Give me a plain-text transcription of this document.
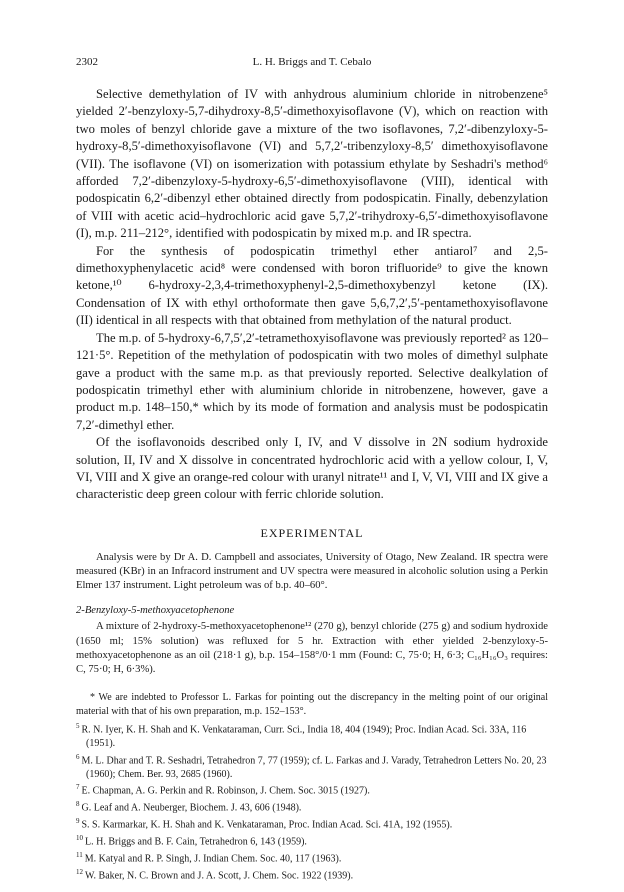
2302	L. H. Briggs and T. Cebalo

Selective demethylation of IV with anhydrous aluminium chloride in nitrobenzene⁵ yielded 2′-benzyloxy-5,7-dihydroxy-8,5′-dimethoxyisoflavone (V), which on reaction with two moles of benzyl chloride gave a mixture of the two isoflavones, 7,2′-dibenzyloxy-5-hydroxy-8,5′-dimethoxyisoflavone (VI) and 5,7,2′-tribenzyloxy-8,5′ dimethoxyisoflavone (VII). The isoflavone (VI) on isomerization with potassium ethylate by Seshadri's method⁶ afforded 7,2′-dibenzyloxy-5-hydroxy-6,5′-dimethoxyisoflavone (VIII), identical with podospicatin 6,2′-dibenzyl ether obtained directly from podospicatin. Finally, debenzylation of VIII with acetic acid–hydrochloric acid gave 5,7,2′-trihydroxy-6,5′-dimethoxyisoflavone (I), m.p. 211–212°, identified with podospicatin by mixed m.p. and IR spectra.

For the synthesis of podospicatin trimethyl ether antiarol⁷ and 2,5-dimethoxyphenylacetic acid⁸ were condensed with boron trifluoride⁹ to give the known ketone,¹⁰ 6-hydroxy-2,3,4-trimethoxyphenyl-2,5-dimethoxybenzyl ketone (IX). Condensation of IX with ethyl orthoformate then gave 5,6,7,2′,5′-pentamethoxyisoflavone (II) identical in all respects with that obtained from methylation of the natural product.

The m.p. of 5-hydroxy-6,7,5′,2′-tetramethoxyisoflavone was previously reported² as 120–121·5°. Repetition of the methylation of podospicatin with two moles of dimethyl sulphate gave a product with the same m.p. as that previously reported. Selective dealkylation of podospicatin trimethyl ether with aluminium chloride in nitrobenzene, however, gave a product m.p. 148–150,* which by its mode of formation and analysis must be podospicatin 7,2′-dimethyl ether.

Of the isoflavonoids described only I, IV, and V dissolve in 2N sodium hydroxide solution, II, IV and X dissolve in concentrated hydrochloric acid with a yellow colour, I, V, VI, VIII and X give an orange-red colour with uranyl nitrate¹¹ and I, V, VI, VIII and IX give a characteristic deep green colour with ferric chloride solution.

EXPERIMENTAL

Analysis were by Dr A. D. Campbell and associates, University of Otago, New Zealand. IR spectra were measured (KBr) in an Infracord instrument and UV spectra were measured in alcoholic solution using a Perkin Elmer 137 instrument. Light petroleum was of b.p. 40–60°.

2-Benzyloxy-5-methoxyacetophenone

A mixture of 2-hydroxy-5-methoxyacetophenone¹² (270 g), benzyl chloride (275 g) and sodium hydroxide (1650 ml; 15% solution) was refluxed for 5 hr. Extraction with ether yielded 2-benzyloxy-5-methoxyacetophenone as an oil (218·1 g), b.p. 154–158°/0·1 mm (Found: C, 75·0; H, 6·3; C₁₆H₁₆O₃ requires: C, 75·0; H, 6·3%).

* We are indebted to Professor L. Farkas for pointing out the discrepancy in the melting point of our original material with that of his own preparation, m.p. 152–153°.

$^5$ R. N. Iyer, K. H. Shah and K. Venkataraman, Curr. Sci., India 18, 404 (1949); Proc. Indian Acad. Sci. 33A, 116 (1951).
$^6$ M. L. Dhar and T. R. Seshadri, Tetrahedron 7, 77 (1959); cf. L. Farkas and J. Varady, Tetrahedron Letters No. 20, 23 (1960); Chem. Ber. 93, 2685 (1960).
$^7$ E. Chapman, A. G. Perkin and R. Robinson, J. Chem. Soc. 3015 (1927).
$^8$ G. Leaf and A. Neuberger, Biochem. J. 43, 606 (1948).
$^9$ S. S. Karmarkar, K. H. Shah and K. Venkataraman, Proc. Indian Acad. Sci. 41A, 192 (1955).
$^{10}$ L. H. Briggs and B. F. Cain, Tetrahedron 6, 143 (1959).
$^{11}$ M. Katyal and R. P. Singh, J. Indian Chem. Soc. 40, 117 (1963).
$^{12}$ W. Baker, N. C. Brown and J. A. Scott, J. Chem. Soc. 1922 (1939).
